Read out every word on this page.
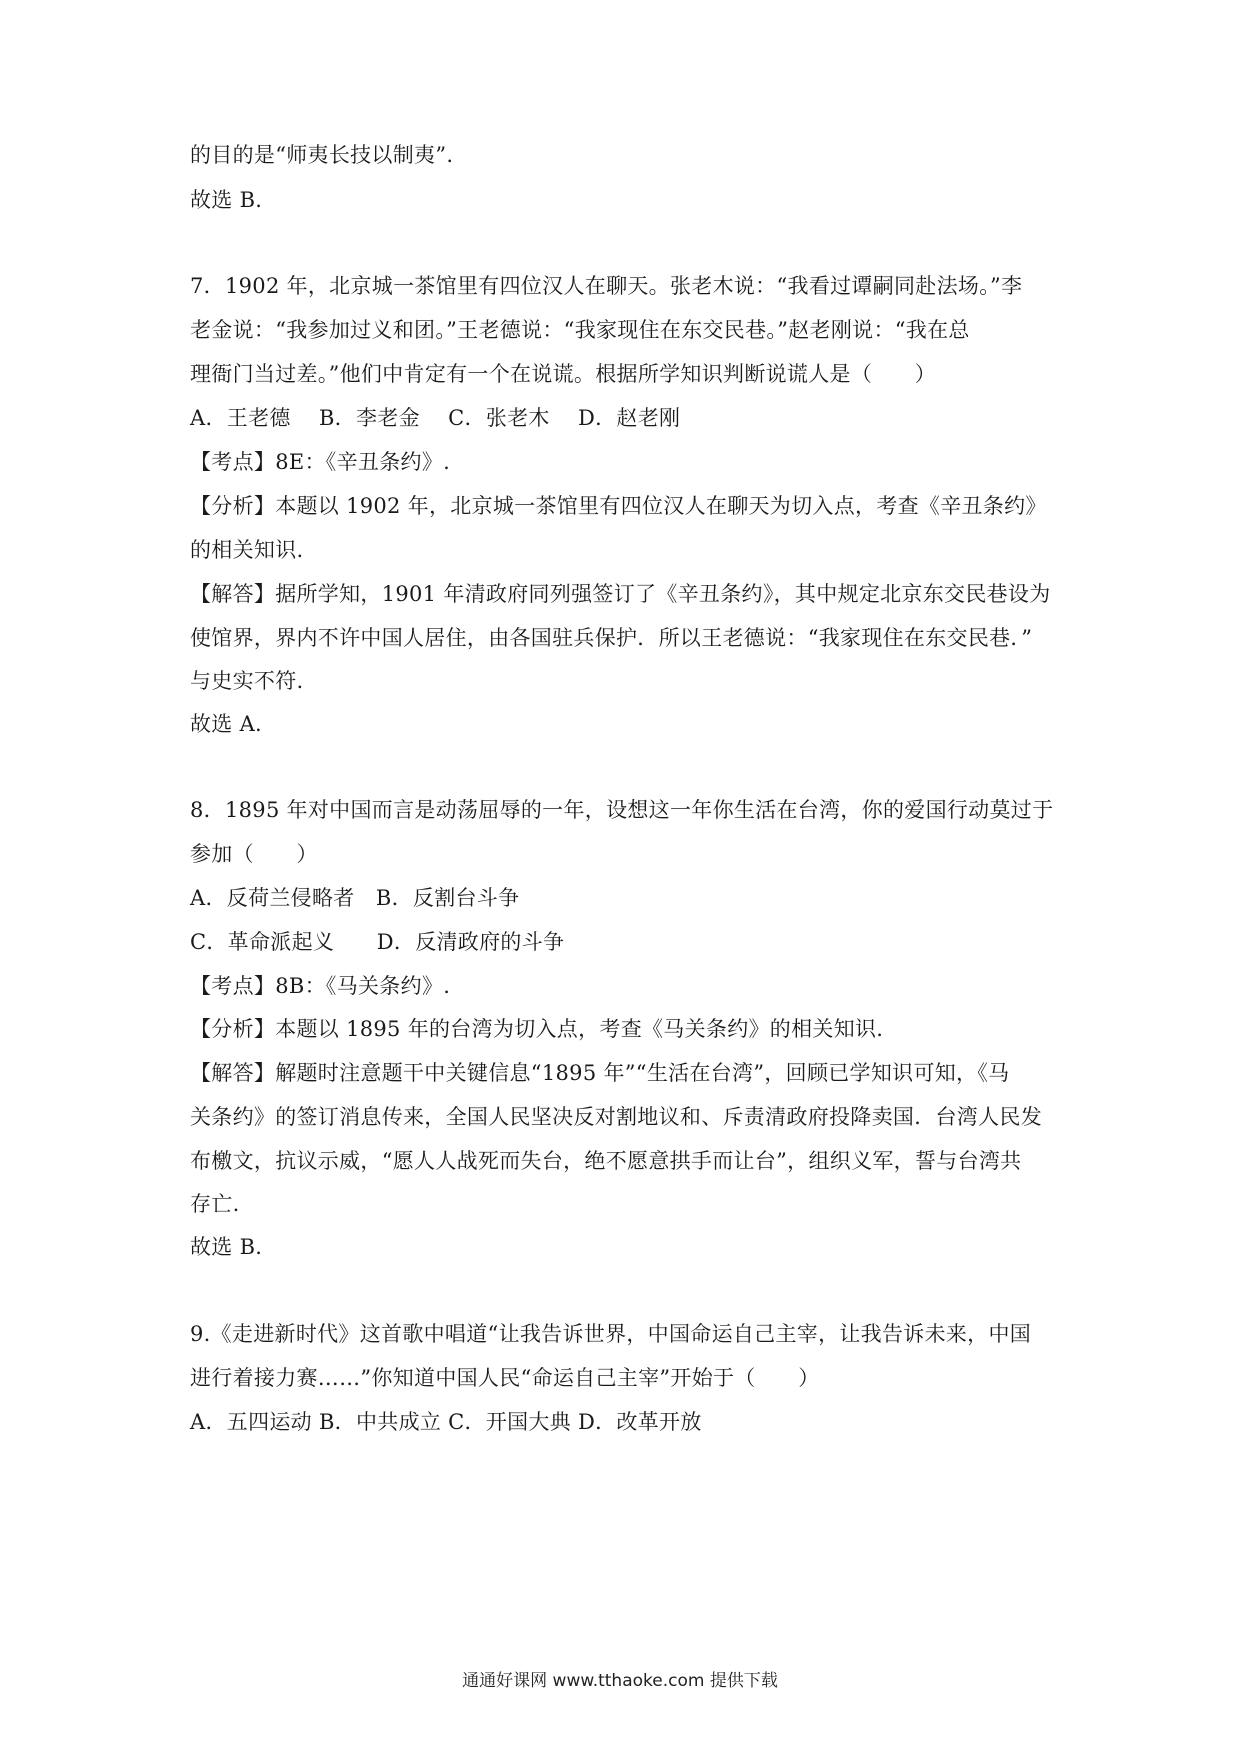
的目的是“师夷长技以制夷”.
故选 B.
7．1902 年，北京城一茶馆里有四位汉人在聊天。张老木说：“我看过谭嗣同赴法场。”李
老金说：“我参加过义和团。”王老德说：“我家现住在东交民巷。”赵老刚说：“我在总
理衙门当过差。”他们中肯定有一个在说谎。根据所学知识判断说谎人是（　　）
A．王老德　 B．李老金　 C．张老木　 D．赵老刚
【考点】8E：《辛丑条约》.
【分析】本题以 1902 年，北京城一茶馆里有四位汉人在聊天为切入点，考查《辛丑条约》
的相关知识.
【解答】据所学知，1901 年清政府同列强签订了《辛丑条约》，其中规定北京东交民巷设为
使馆界，界内不许中国人居住，由各国驻兵保护．所以王老德说：“我家现住在东交民巷．”
与史实不符.
故选 A.
8．1895 年对中国而言是动荡屈辱的一年，设想这一年你生活在台湾，你的爱国行动莫过于
参加（　　）
A．反荷兰侵略者　B．反割台斗争
C．革命派起义　　D．反清政府的斗争
【考点】8B：《马关条约》.
【分析】本题以 1895 年的台湾为切入点，考查《马关条约》的相关知识.
【解答】解题时注意题干中关键信息“1895 年”“生活在台湾”，回顾已学知识可知，《马
关条约》的签订消息传来，全国人民坚决反对割地议和、斥责清政府投降卖国．台湾人民发
布檄文，抗议示威，“愿人人战死而失台，绝不愿意拱手而让台”，组织义军，誓与台湾共
存亡.
故选 B.
9.《走进新时代》这首歌中唱道“让我告诉世界，中国命运自己主宰，让我告诉未来，中国
进行着接力赛……”你知道中国人民“命运自己主宰”开始于（　　）
A．五四运动 B．中共成立 C．开国大典 D．改革开放
通通好课网 www.tthaoke.com 提供下载
